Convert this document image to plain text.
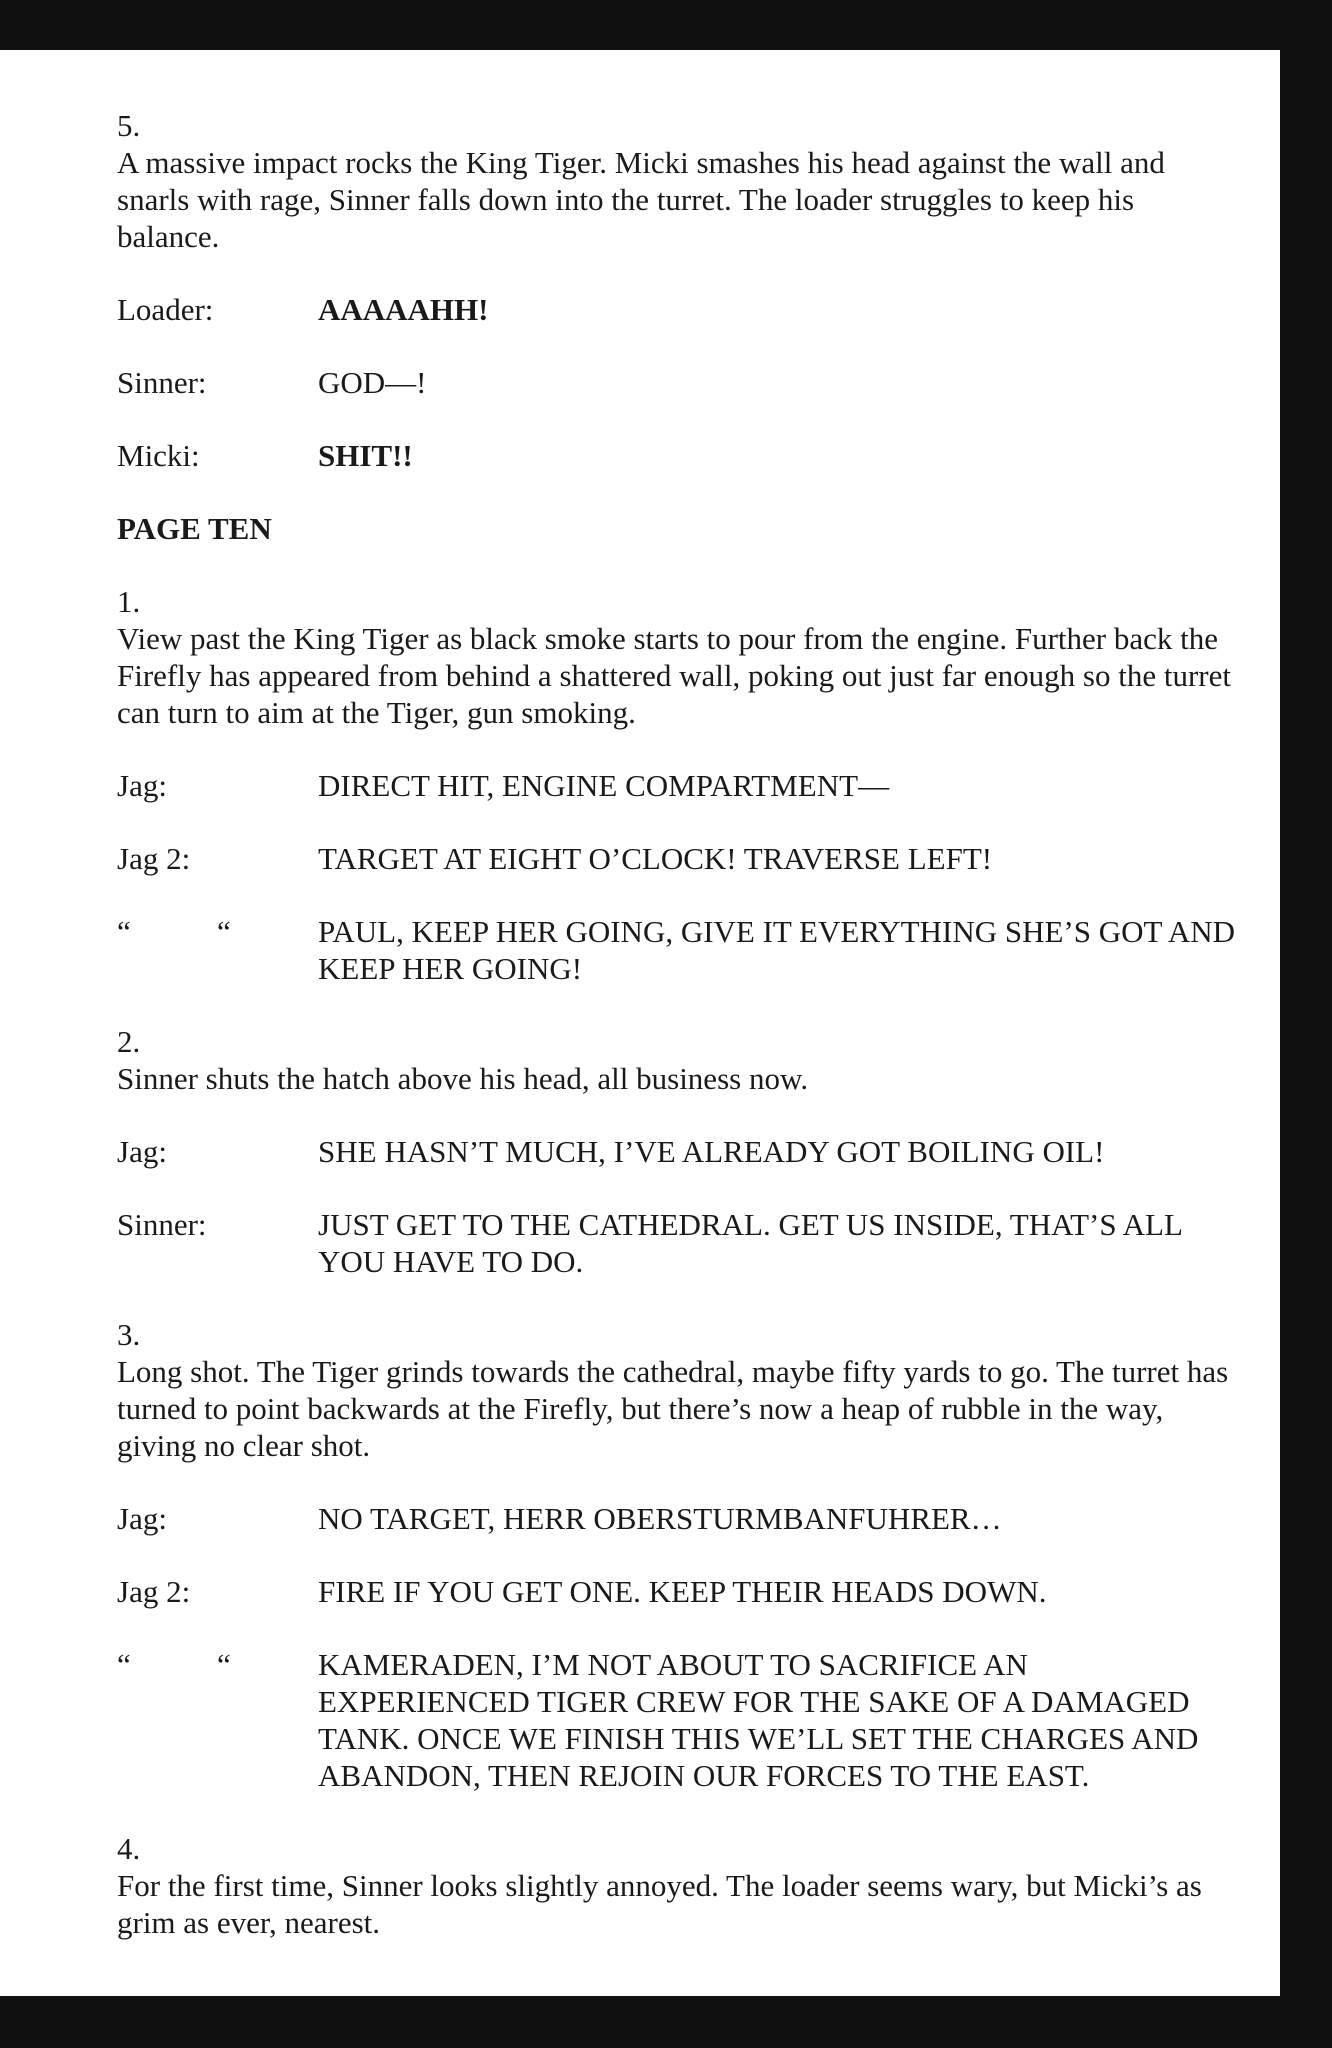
5.
A massive impact rocks the King Tiger. Micki smashes his head against the wall and snarls with rage, Sinner falls down into the turret. The loader struggles to keep his balance.
Loader:	AAAAAHH!
Sinner:	GOD—!
Micki:	SHIT!!
PAGE TEN
1.
View past the King Tiger as black smoke starts to pour from the engine. Further back the Firefly has appeared from behind a shattered wall, poking out just far enough so the turret can turn to aim at the Tiger, gun smoking.
Jag:	DIRECT HIT, ENGINE COMPARTMENT—
Jag 2:	TARGET AT EIGHT O’CLOCK! TRAVERSE LEFT!
“	“	PAUL, KEEP HER GOING, GIVE IT EVERYTHING SHE’S GOT AND KEEP HER GOING!
2.
Sinner shuts the hatch above his head, all business now.
Jag:	SHE HASN’T MUCH, I’VE ALREADY GOT BOILING OIL!
Sinner:	JUST GET TO THE CATHEDRAL. GET US INSIDE, THAT’S ALL YOU HAVE TO DO.
3.
Long shot. The Tiger grinds towards the cathedral, maybe fifty yards to go. The turret has turned to point backwards at the Firefly, but there’s now a heap of rubble in the way, giving no clear shot.
Jag:	NO TARGET, HERR OBERSTURMBANFUHRER…
Jag 2:	FIRE IF YOU GET ONE. KEEP THEIR HEADS DOWN.
“	“	KAMERADEN, I’M NOT ABOUT TO SACRIFICE AN EXPERIENCED TIGER CREW FOR THE SAKE OF A DAMAGED TANK. ONCE WE FINISH THIS WE’LL SET THE CHARGES AND ABANDON, THEN REJOIN OUR FORCES TO THE EAST.
4.
For the first time, Sinner looks slightly annoyed. The loader seems wary, but Micki’s as grim as ever, nearest.
